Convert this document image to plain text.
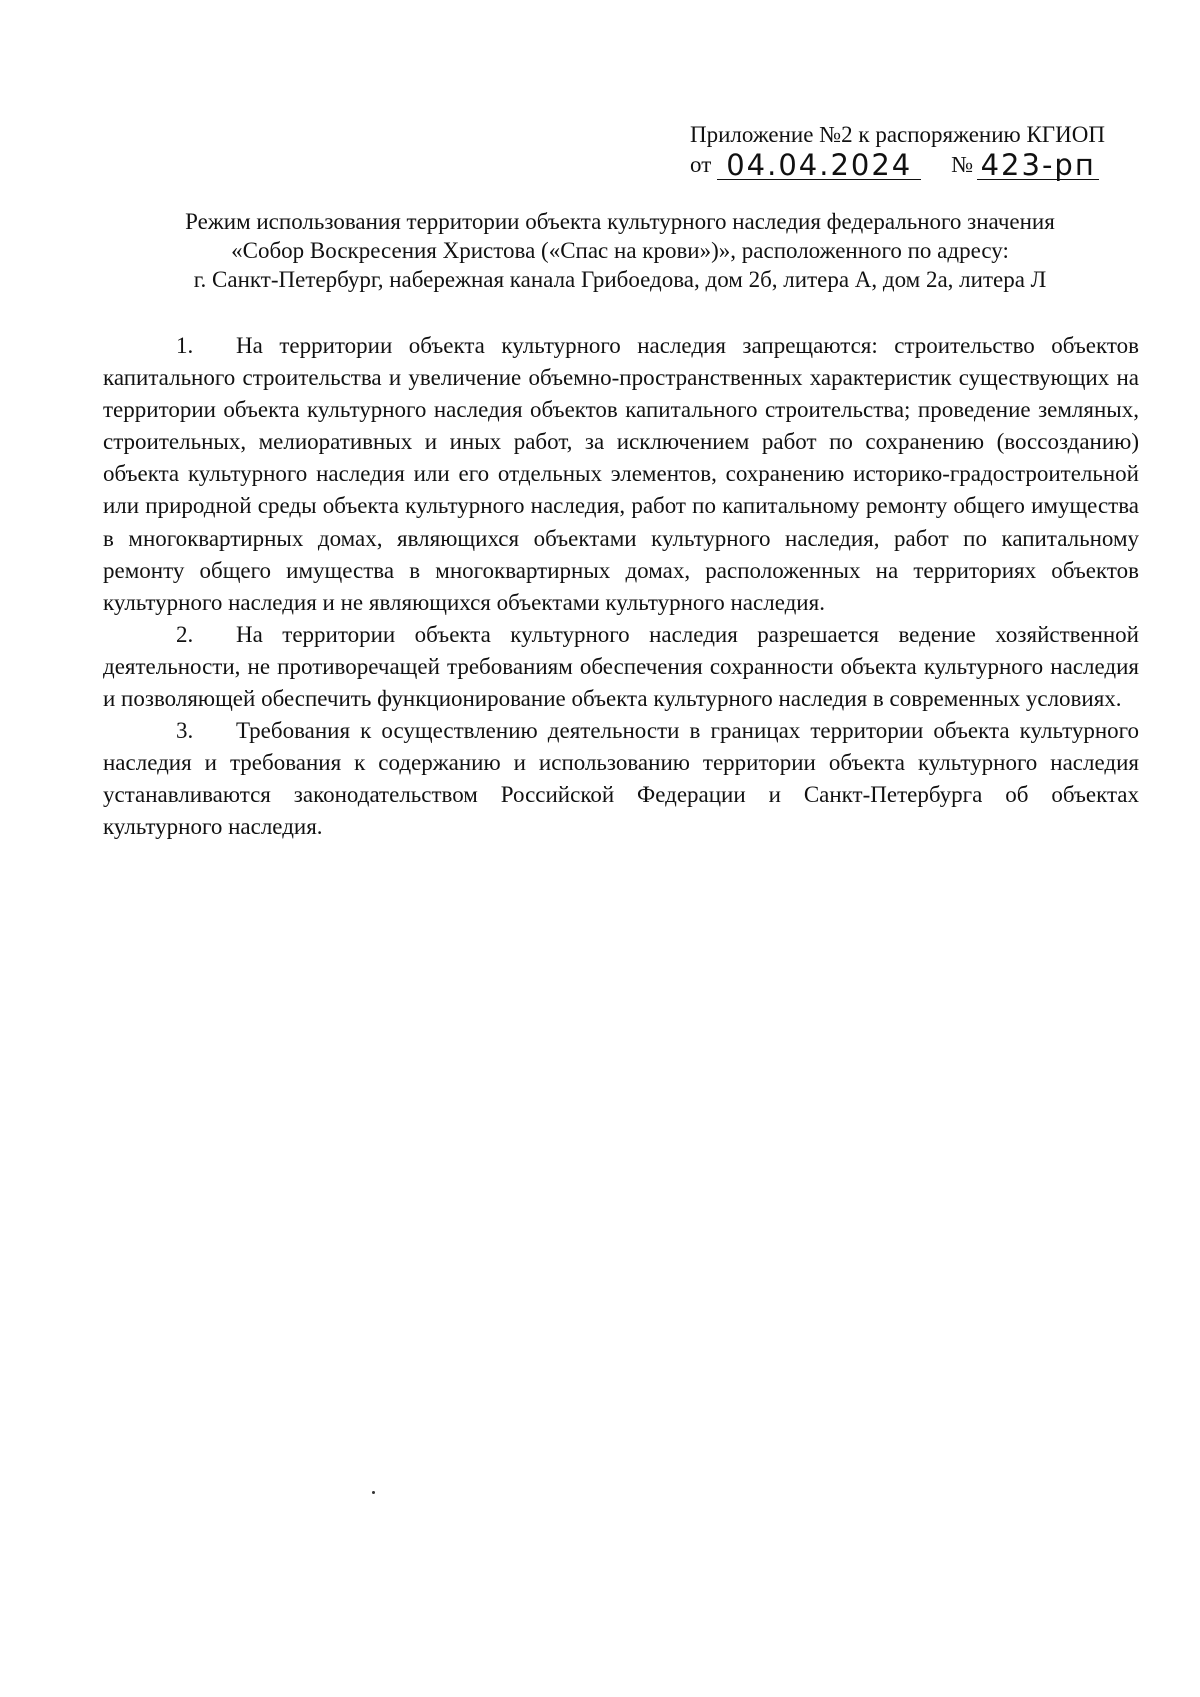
Приложение №2 к распоряжению КГИОП
от 04.04.2024	№ 423-рп
Режим использования территории объекта культурного наследия федерального значения
«Собор Воскресения Христова («Спас на крови»)», расположенного по адресу:
г. Санкт-Петербург, набережная канала Грибоедова, дом 2б, литера А, дом 2а, литера Л

1. На территории объекта культурного наследия запрещаются: строительство объектов капитального строительства и увеличение объемно-пространственных характеристик существующих на территории объекта культурного наследия объектов капитального строительства; проведение земляных, строительных, мелиоративных и иных работ, за исключением работ по сохранению (воссозданию) объекта культурного наследия или его отдельных элементов, сохранению историко-градостроительной или природной среды объекта культурного наследия, работ по капитальному ремонту общего имущества в многоквартирных домах, являющихся объектами культурного наследия, работ по капитальному ремонту общего имущества в многоквартирных домах, расположенных на территориях объектов культурного наследия и не являющихся объектами культурного наследия.

2. На территории объекта культурного наследия разрешается ведение хозяйственной деятельности, не противоречащей требованиям обеспечения сохранности объекта культурного наследия и позволяющей обеспечить функционирование объекта культурного наследия в современных условиях.

3. Требования к осуществлению деятельности в границах территории объекта культурного наследия и требования к содержанию и использованию территории объекта культурного наследия устанавливаются законодательством Российской Федерации и Санкт-Петербурга об объектах культурного наследия.
